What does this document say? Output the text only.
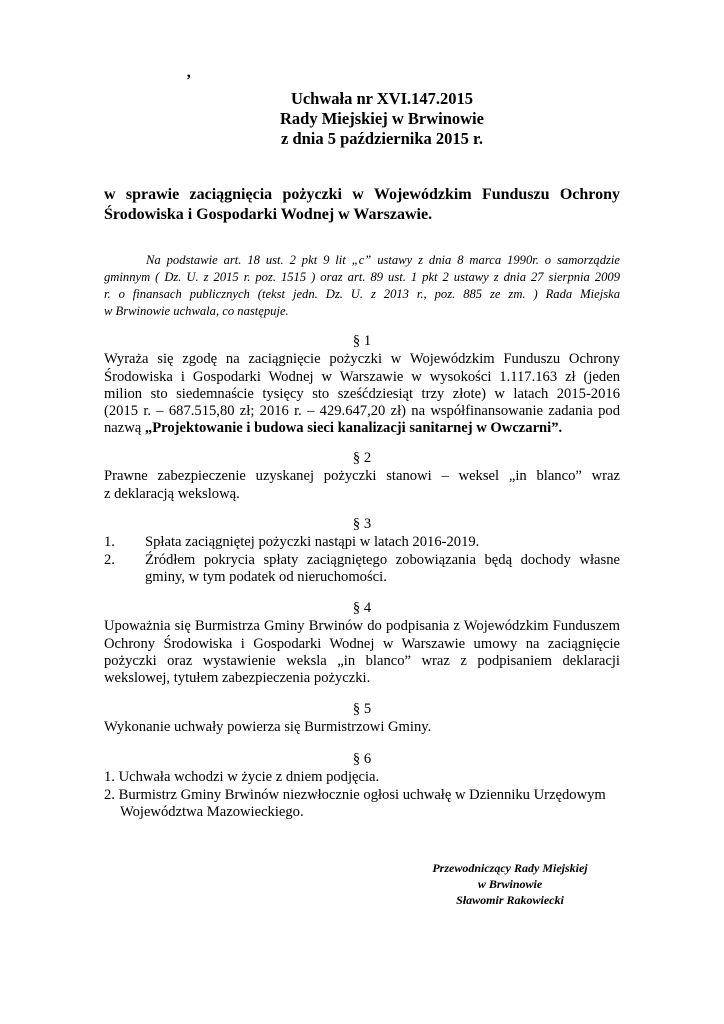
’
Uchwała nr XVI.147.2015
Rady Miejskiej w Brwinowie
z dnia 5 października 2015 r.
w sprawie zaciągnięcia pożyczki w Wojewódzkim Funduszu Ochrony
Środowiska i Gospodarki Wodnej w Warszawie.
Na podstawie art. 18 ust. 2 pkt 9 lit „c” ustawy z dnia 8 marca 1990r. o samorządzie
gminnym ( Dz. U. z 2015 r. poz. 1515 ) oraz art. 89 ust. 1 pkt 2 ustawy z dnia 27 sierpnia 2009
r. o finansach publicznych (tekst jedn. Dz. U. z 2013 r., poz. 885 ze zm. ) Rada Miejska
w Brwinowie uchwala, co następuje.
§ 1
Wyraża się zgodę na zaciągnięcie pożyczki w Wojewódzkim Funduszu Ochrony
Środowiska i Gospodarki Wodnej w Warszawie w wysokości 1.117.163 zł (jeden
milion sto siedemnaście tysięcy sto sześćdziesiąt trzy złote) w latach 2015-2016
(2015 r. – 687.515,80 zł; 2016 r. – 429.647,20 zł) na współfinansowanie zadania pod
nazwą „Projektowanie i budowa sieci kanalizacji sanitarnej w Owczarni”.
§ 2
Prawne zabezpieczenie uzyskanej pożyczki stanowi – weksel „in blanco” wraz
z deklaracją wekslową.
§ 3
1.	Spłata zaciągniętej pożyczki nastąpi w latach 2016-2019.
2.	Źródłem pokrycia spłaty zaciągniętego zobowiązania będą dochody własne
gminy, w tym podatek od nieruchomości.
§ 4
Upoważnia się Burmistrza Gminy Brwinów do podpisania z Wojewódzkim Funduszem
Ochrony Środowiska i Gospodarki Wodnej w Warszawie umowy na zaciągnięcie
pożyczki oraz wystawienie weksla „in blanco” wraz z podpisaniem deklaracji
wekslowej, tytułem zabezpieczenia pożyczki.
§ 5
Wykonanie uchwały powierza się Burmistrzowi Gminy.
§ 6
1. Uchwała wchodzi w życie z dniem podjęcia.
2. Burmistrz Gminy Brwinów niezwłocznie ogłosi uchwałę w Dzienniku Urzędowym
Województwa Mazowieckiego.
Przewodniczący Rady Miejskiej
w Brwinowie
Sławomir Rakowiecki
